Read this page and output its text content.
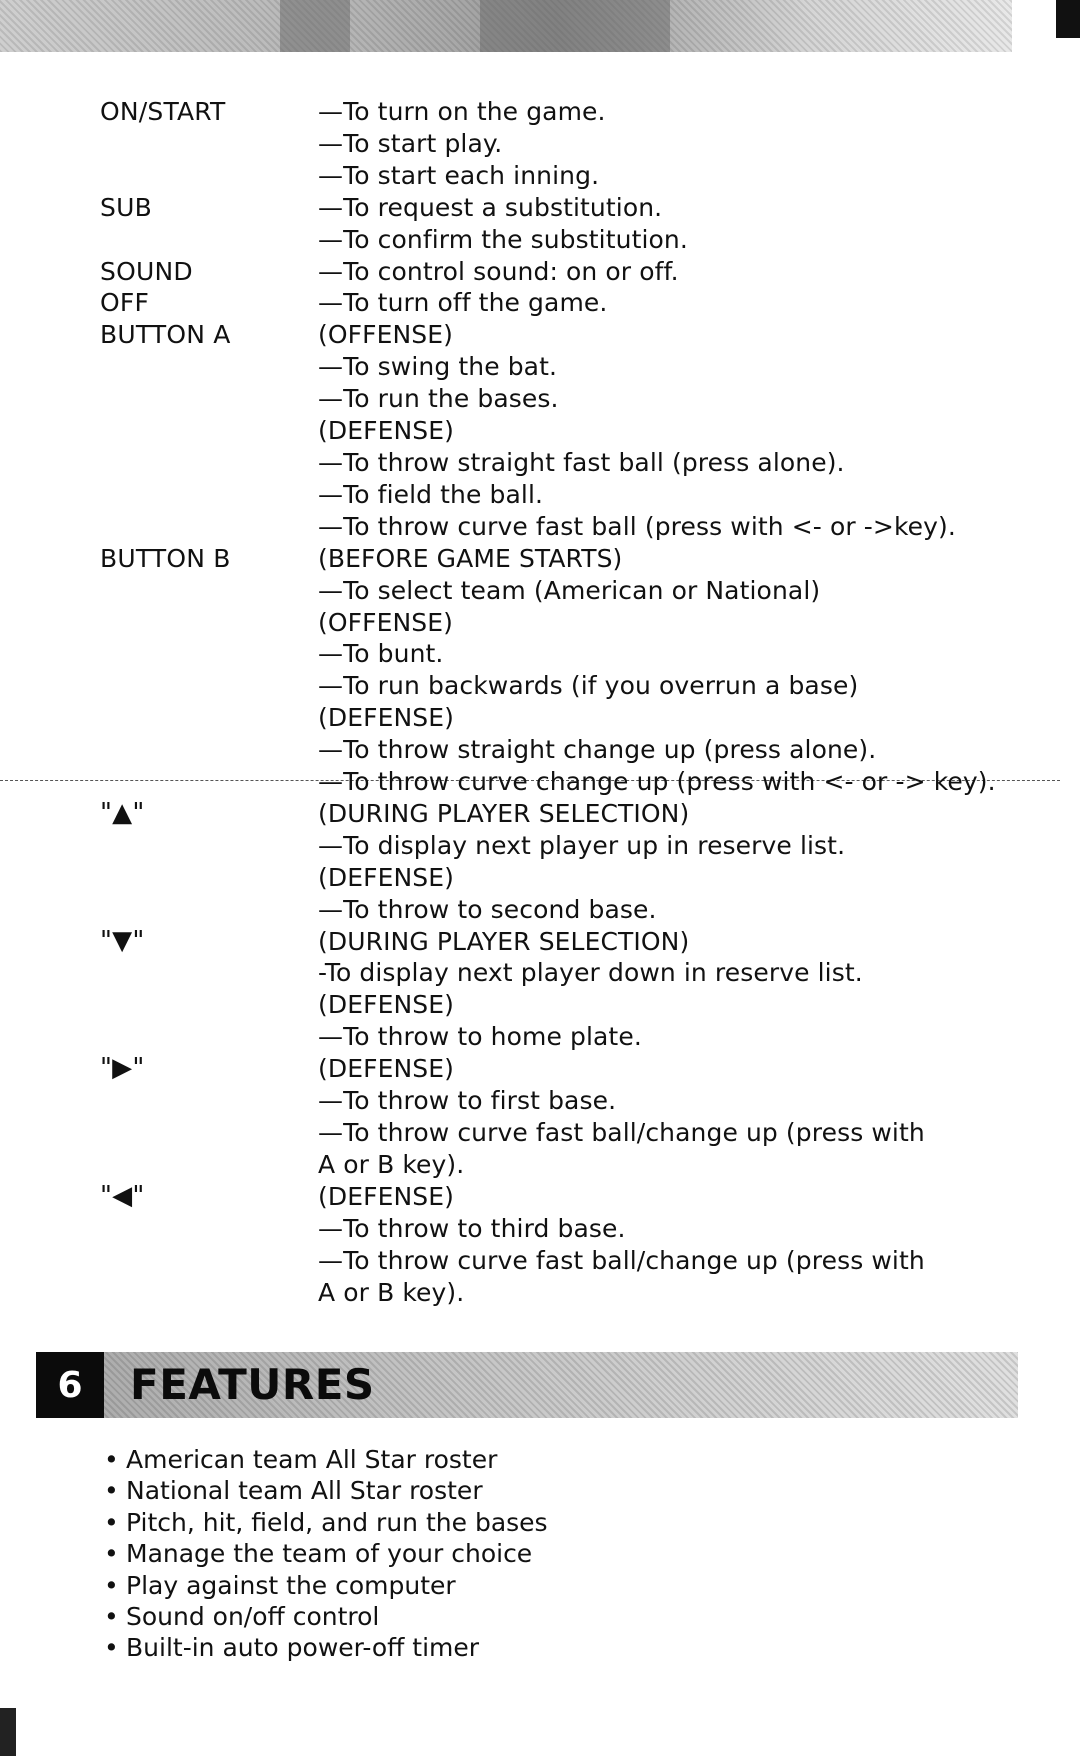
ON/START	—To turn on the game.
—To start play.
—To start each inning.
SUB	—To request a substitution.
—To confirm the substitution.
SOUND	—To control sound: on or off.
OFF	—To turn off the game.
BUTTON A	(OFFENSE)
—To swing the bat.
—To run the bases.
(DEFENSE)
—To throw straight fast ball (press alone).
—To field the ball.
—To throw curve fast ball (press with <- or ->key).
BUTTON B	(BEFORE GAME STARTS)
—To select team (American or National)
(OFFENSE)
—To bunt.
—To run backwards (if you overrun a base)
(DEFENSE)
—To throw straight change up (press alone).
—To throw curve change up (press with <- or -> key).
"▲"	(DURING PLAYER SELECTION)
—To display next player up in reserve list.
(DEFENSE)
—To throw to second base.
"▼"	(DURING PLAYER SELECTION)
-To display next player down in reserve list.
(DEFENSE)
—To throw to home plate.
"▶"	(DEFENSE)
—To throw to first base.
—To throw curve fast ball/change up (press with
A or B key).
"◀"	(DEFENSE)
—To throw to third base.
—To throw curve fast ball/change up (press with
A or B key).
6	FEATURES
• American team All Star roster
• National team All Star roster
• Pitch, hit, field, and run the bases
• Manage the team of your choice
• Play against the computer
• Sound on/off control
• Built-in auto power-off timer
